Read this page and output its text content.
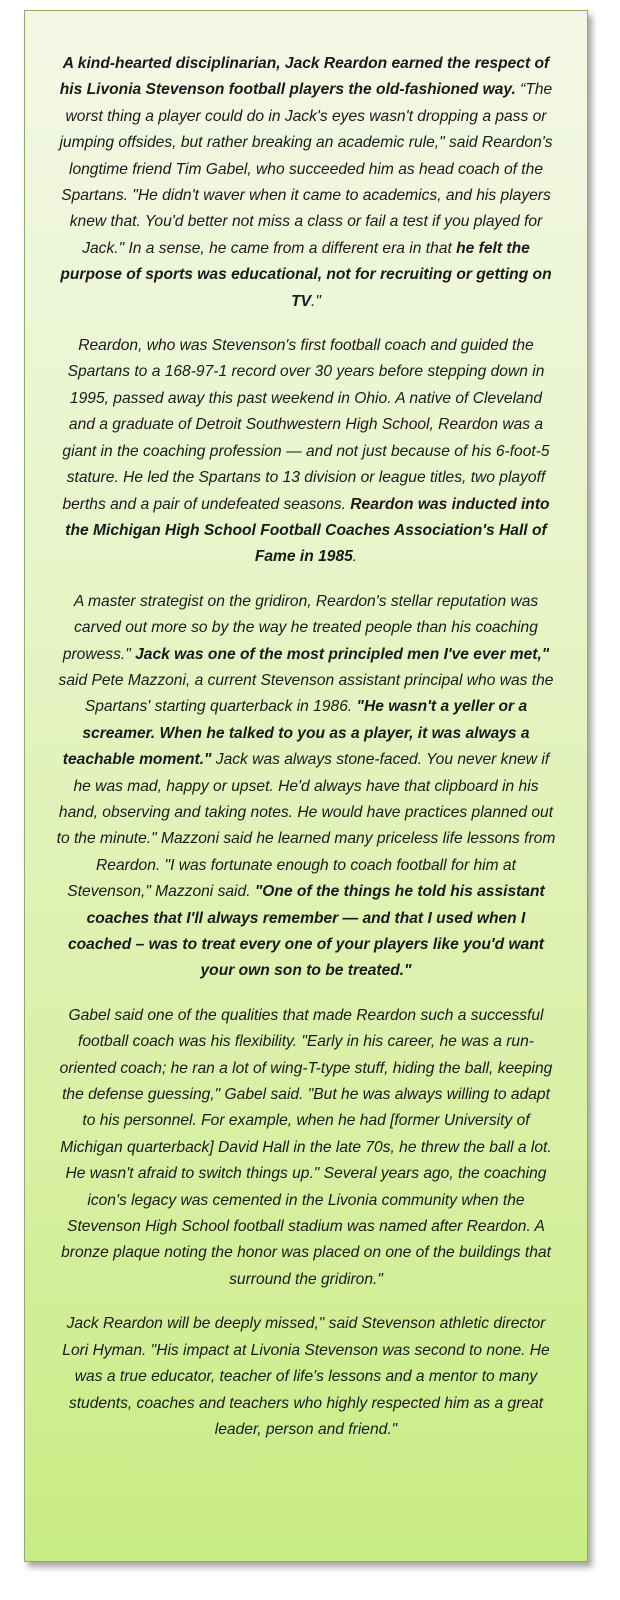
A kind-hearted disciplinarian, Jack Reardon earned the respect of his Livonia Stevenson football players the old-fashioned way. “The worst thing a player could do in Jack's eyes wasn't dropping a pass or jumping offsides, but rather breaking an academic rule," said Reardon's longtime friend Tim Gabel, who succeeded him as head coach of the Spartans. "He didn't waver when it came to academics, and his players knew that. You'd better not miss a class or fail a test if you played for Jack." In a sense, he came from a different era in that he felt the purpose of sports was educational, not for recruiting or getting on TV."

Reardon, who was Stevenson's first football coach and guided the Spartans to a 168-97-1 record over 30 years before stepping down in 1995, passed away this past weekend in Ohio. A native of Cleveland and a graduate of Detroit Southwestern High School, Reardon was a giant in the coaching profession — and not just because of his 6-foot-5 stature. He led the Spartans to 13 division or league titles, two playoff berths and a pair of undefeated seasons. Reardon was inducted into the Michigan High School Football Coaches Association's Hall of Fame in 1985.

A master strategist on the gridiron, Reardon's stellar reputation was carved out more so by the way he treated people than his coaching prowess." Jack was one of the most principled men I've ever met," said Pete Mazzoni, a current Stevenson assistant principal who was the Spartans' starting quarterback in 1986. "He wasn't a yeller or a screamer. When he talked to you as a player, it was always a teachable moment." Jack was always stone-faced. You never knew if he was mad, happy or upset. He'd always have that clipboard in his hand, observing and taking notes. He would have practices planned out to the minute." Mazzoni said he learned many priceless life lessons from Reardon. "I was fortunate enough to coach football for him at Stevenson," Mazzoni said. "One of the things he told his assistant coaches that I'll always remember — and that I used when I coached – was to treat every one of your players like you'd want your own son to be treated."

Gabel said one of the qualities that made Reardon such a successful football coach was his flexibility. "Early in his career, he was a run-oriented coach; he ran a lot of wing-T-type stuff, hiding the ball, keeping the defense guessing," Gabel said. "But he was always willing to adapt to his personnel. For example, when he had [former University of Michigan quarterback] David Hall in the late 70s, he threw the ball a lot. He wasn't afraid to switch things up." Several years ago, the coaching icon's legacy was cemented in the Livonia community when the Stevenson High School football stadium was named after Reardon. A bronze plaque noting the honor was placed on one of the buildings that surround the gridiron."

Jack Reardon will be deeply missed," said Stevenson athletic director Lori Hyman. "His impact at Livonia Stevenson was second to none. He was a true educator, teacher of life's lessons and a mentor to many students, coaches and teachers who highly respected him as a great leader, person and friend."
